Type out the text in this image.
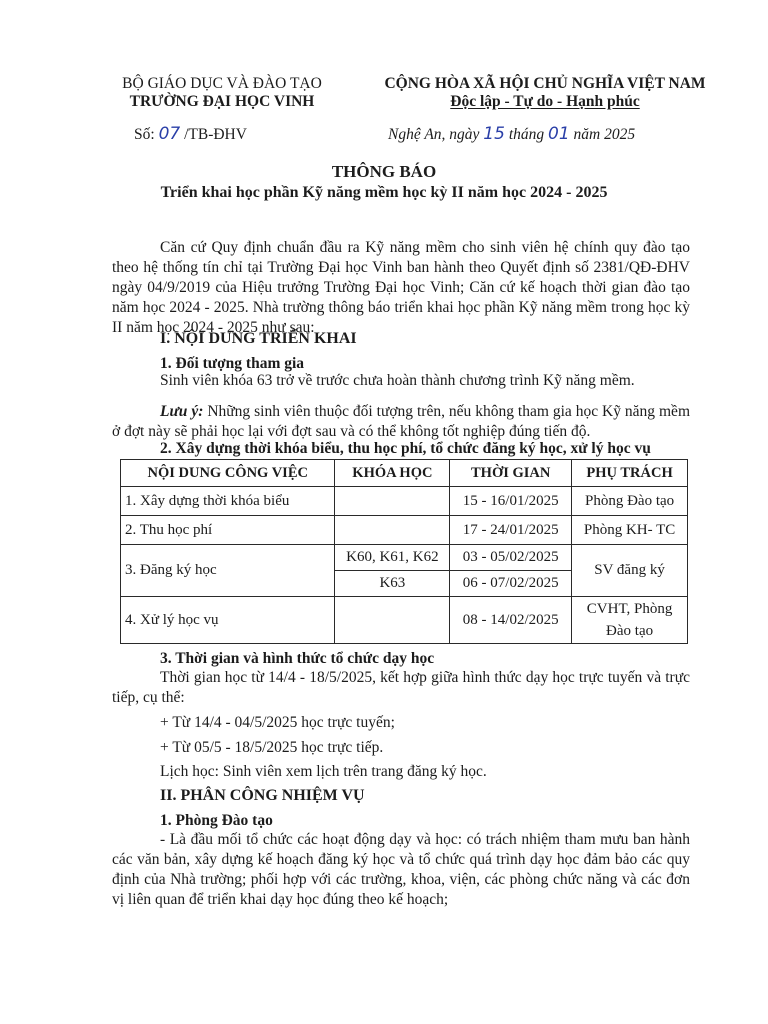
BỘ GIÁO DỤC VÀ ĐÀO TẠO
TRƯỜNG ĐẠI HỌC VINH
CỘNG HÒA XÃ HỘI CHỦ NGHĨA VIỆT NAM
Độc lập - Tự do - Hạnh phúc
Số: 07 /TB-ĐHV	Nghệ An, ngày 15 tháng 01 năm 2025
THÔNG BÁO
Triển khai học phần Kỹ năng mềm học kỳ II năm học 2024 - 2025
Căn cứ Quy định chuẩn đầu ra Kỹ năng mềm cho sinh viên hệ chính quy đào tạo theo hệ thống tín chỉ tại Trường Đại học Vinh ban hành theo Quyết định số 2381/QĐ-ĐHV ngày 04/9/2019 của Hiệu trưởng Trường Đại học Vinh; Căn cứ kế hoạch thời gian đào tạo năm học 2024 - 2025. Nhà trường thông báo triển khai học phần Kỹ năng mềm trong học kỳ II năm học 2024 - 2025 như sau:
I. NỘI DUNG TRIỂN KHAI
1. Đối tượng tham gia
Sinh viên khóa 63 trở về trước chưa hoàn thành chương trình Kỹ năng mềm.
Lưu ý: Những sinh viên thuộc đối tượng trên, nếu không tham gia học Kỹ năng mềm ở đợt này sẽ phải học lại với đợt sau và có thể không tốt nghiệp đúng tiến độ.
2. Xây dựng thời khóa biểu, thu học phí, tổ chức đăng ký học, xử lý học vụ
NỘI DUNG CÔNG VIỆC	KHÓA HỌC	THỜI GIAN	PHỤ TRÁCH
1. Xây dựng thời khóa biểu		15 - 16/01/2025	Phòng Đào tạo
2. Thu học phí		17 - 24/01/2025	Phòng KH- TC
3. Đăng ký học	K60, K61, K62	03 - 05/02/2025	SV đăng ký
	K63	06 - 07/02/2025	
4. Xử lý học vụ		08 - 14/02/2025	CVHT, Phòng
Đào tạo
3. Thời gian và hình thức tổ chức dạy học
Thời gian học từ 14/4 - 18/5/2025, kết hợp giữa hình thức dạy học trực tuyến và trực tiếp, cụ thể:
+ Từ 14/4 - 04/5/2025 học trực tuyến;
+ Từ 05/5 - 18/5/2025 học trực tiếp.
Lịch học: Sinh viên xem lịch trên trang đăng ký học.
II. PHÂN CÔNG NHIỆM VỤ
1. Phòng Đào tạo
- Là đầu mối tổ chức các hoạt động dạy và học: có trách nhiệm tham mưu ban hành các văn bản, xây dựng kế hoạch đăng ký học và tổ chức quá trình dạy học đảm bảo các quy định của Nhà trường; phối hợp với các trường, khoa, viện, các phòng chức năng và các đơn vị liên quan để triển khai dạy học đúng theo kế hoạch;
